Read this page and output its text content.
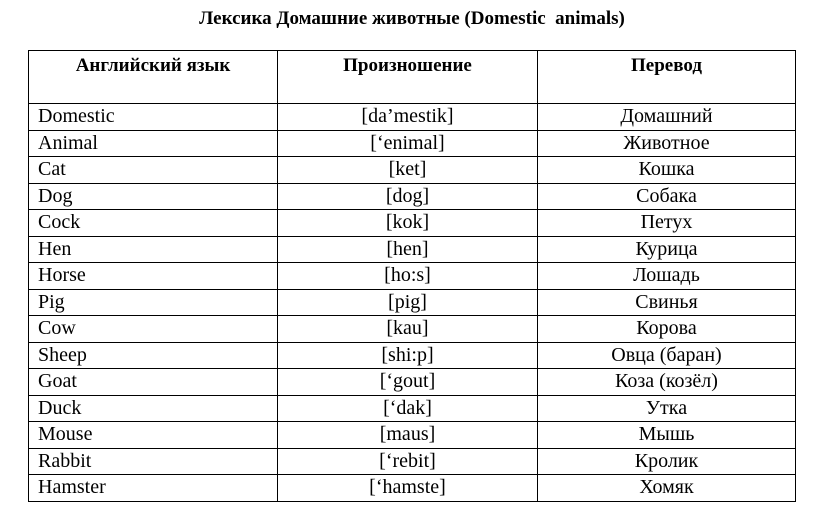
Лексика Домашние животные (Domestic  animals)
Английский язык	Произношение	Перевод
Domestic	[da’mestik]	Домашний
Animal	[‘enimal]	Животное
Cat	[ket]	Кошка
Dog	[dog]	Собака
Cock	[kok]	Петух
Hen	[hen]	Курица
Horse	[ho:s]	Лошадь
Pig	[pig]	Свинья
Cow	[kau]	Корова
Sheep	[shi:p]	Овца (баран)
Goat	[‘gout]	Коза (козёл)
Duck	[‘dak]	Утка
Mouse	[maus]	Мышь
Rabbit	[‘rebit]	Кролик
Hamster	[‘hamste]	Хомяк
